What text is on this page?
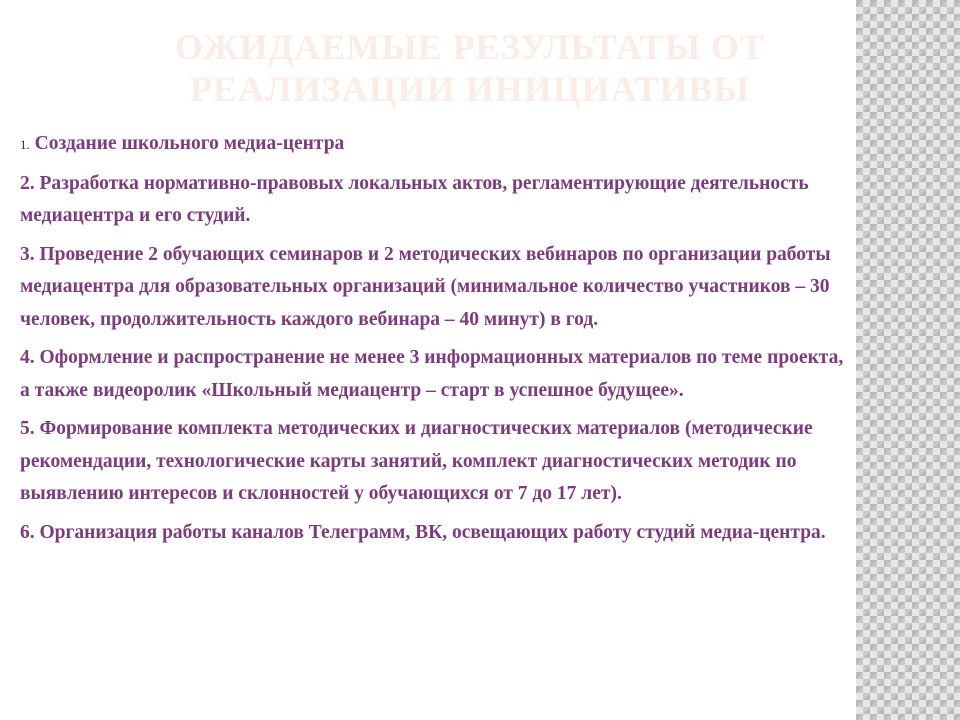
ОЖИДАЕМЫЕ РЕЗУЛЬТАТЫ ОТ
РЕАЛИЗАЦИИ ИНИЦИАТИВЫ
1. Создание школьного медиа-центра
2. Разработка нормативно-правовых локальных актов, регламентирующие деятельность медиацентра и его студий.
3. Проведение 2 обучающих семинаров и 2 методических вебинаров по организации работы медиацентра для образовательных организаций (минимальное количество участников – 30 человек, продолжительность каждого вебинара – 40 минут) в год.
4. Оформление и распространение не менее 3 информационных материалов по теме проекта, а также видеоролик «Школьный медиацентр – старт в успешное будущее».
5. Формирование комплекта методических и диагностических материалов (методические рекомендации, технологические карты занятий, комплект диагностических методик по выявлению интересов и склонностей у обучающихся от 7 до 17 лет).
6. Организация работы каналов Телеграмм, ВК, освещающих работу студий медиа-центра.
